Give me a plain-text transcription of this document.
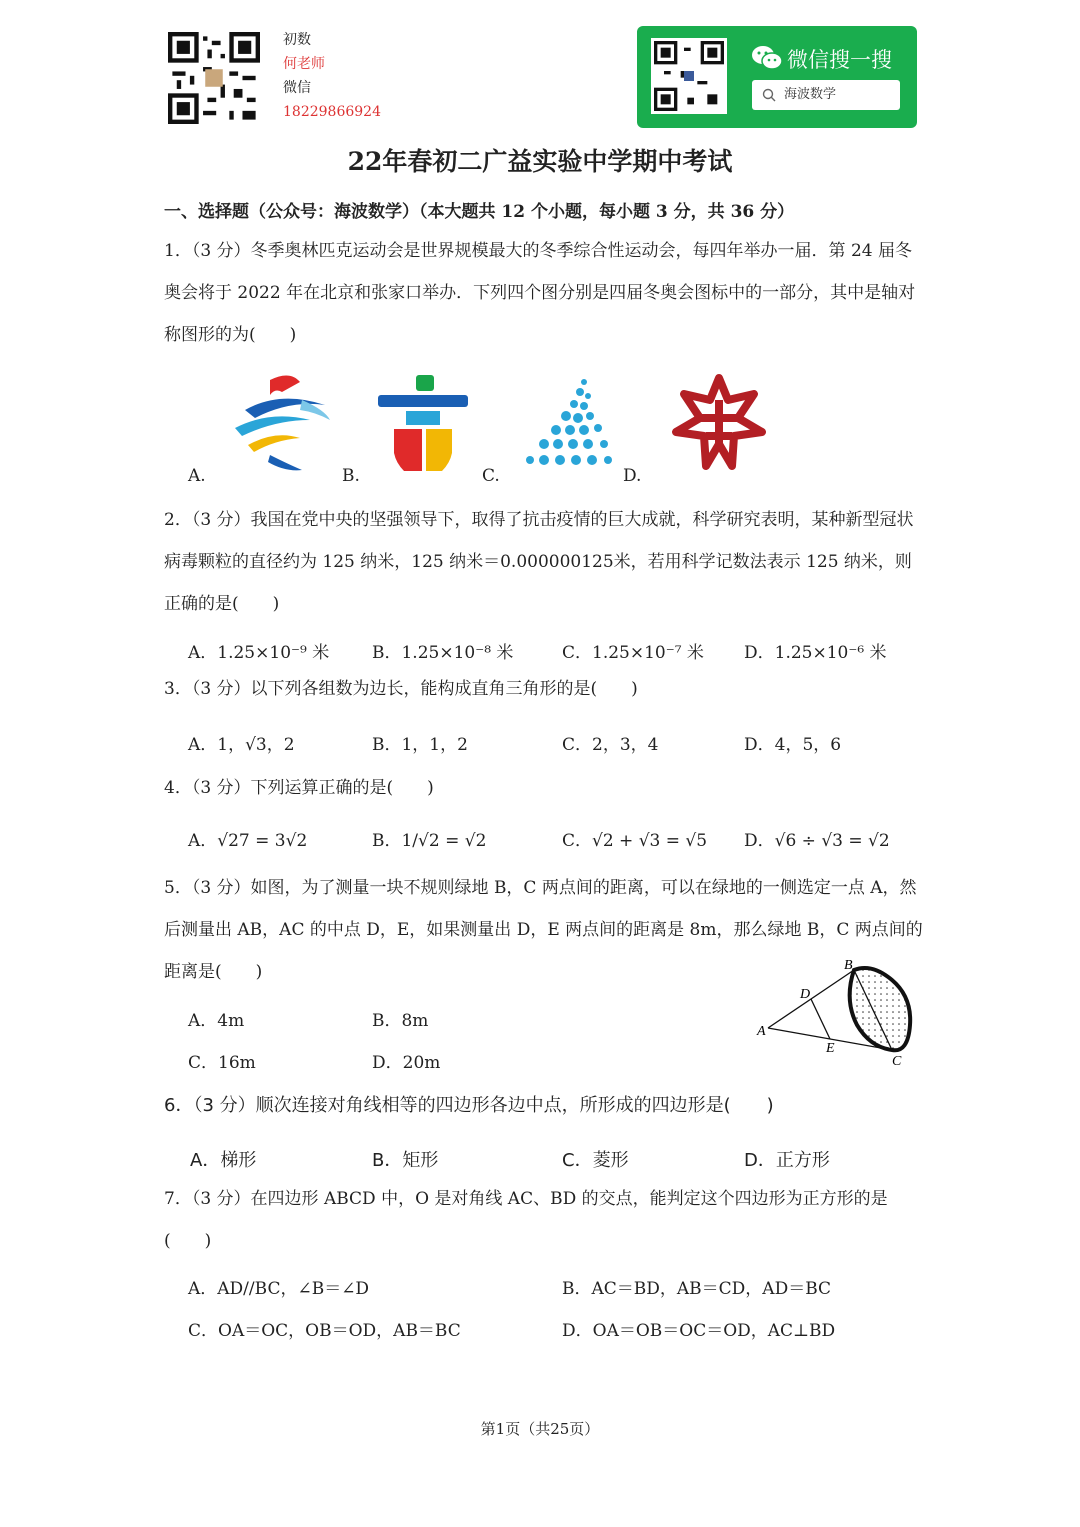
初数
何老师
微信
18229866924
微信搜一搜
海波数学
22年春初二广益实验中学期中考试
一、选择题（公众号：海波数学）（本大题共 12 个小题，每小题 3 分，共 36 分）
1．（3 分）冬季奥林匹克运动会是世界规模最大的冬季综合性运动会，每四年举办一届．第 24 届冬奥会将于 2022 年在北京和张家口举办．下列四个图分别是四届冬奥会图标中的一部分，其中是轴对称图形的为(　　)
A.	B.	C.	D.
2．（3 分）我国在党中央的坚强领导下，取得了抗击疫情的巨大成就，科学研究表明，某种新型冠状病毒颗粒的直径约为 125 纳米，125 纳米＝0.000000125米，若用科学记数法表示 125 纳米，则正确的是(　　)
A．1.25×10⁻⁹ 米	B．1.25×10⁻⁸ 米	C．1.25×10⁻⁷ 米 D．1.25×10⁻⁶ 米
3．（3 分）以下列各组数为边长，能构成直角三角形的是(　　)
A．1，√3，2	B．1，1，2	C．2，3，4	D．4，5，6
4．（3 分）下列运算正确的是(　　)
A．√27 = 3√2	B．1/√2 = √2	C．√2 + √3 = √5 D．√6 ÷ √3 = √2
5．（3 分）如图，为了测量一块不规则绿地 B，C 两点间的距离，可以在绿地的一侧选定一点 A，然后测量出 AB，AC 的中点 D，E，如果测量出 D，E 两点间的距离是 8m，那么绿地 B，C 两点间的距离是(　　)
A．4m	B．8m
C．16m	D．20m
B
D
A
E
C
6．（3 分）顺次连接对角线相等的四边形各边中点，所形成的四边形是(　　)
A．梯形	B．矩形	C．菱形	D．正方形
7．（3 分）在四边形 ABCD 中，O 是对角线 AC、BD 的交点，能判定这个四边形为正方形的是(　　)
A．AD//BC，∠B＝∠D	B．AC＝BD，AB＝CD，AD＝BC
C．OA＝OC，OB＝OD，AB＝BC	D．OA＝OB＝OC＝OD，AC⊥BD
第1页（共25页）
